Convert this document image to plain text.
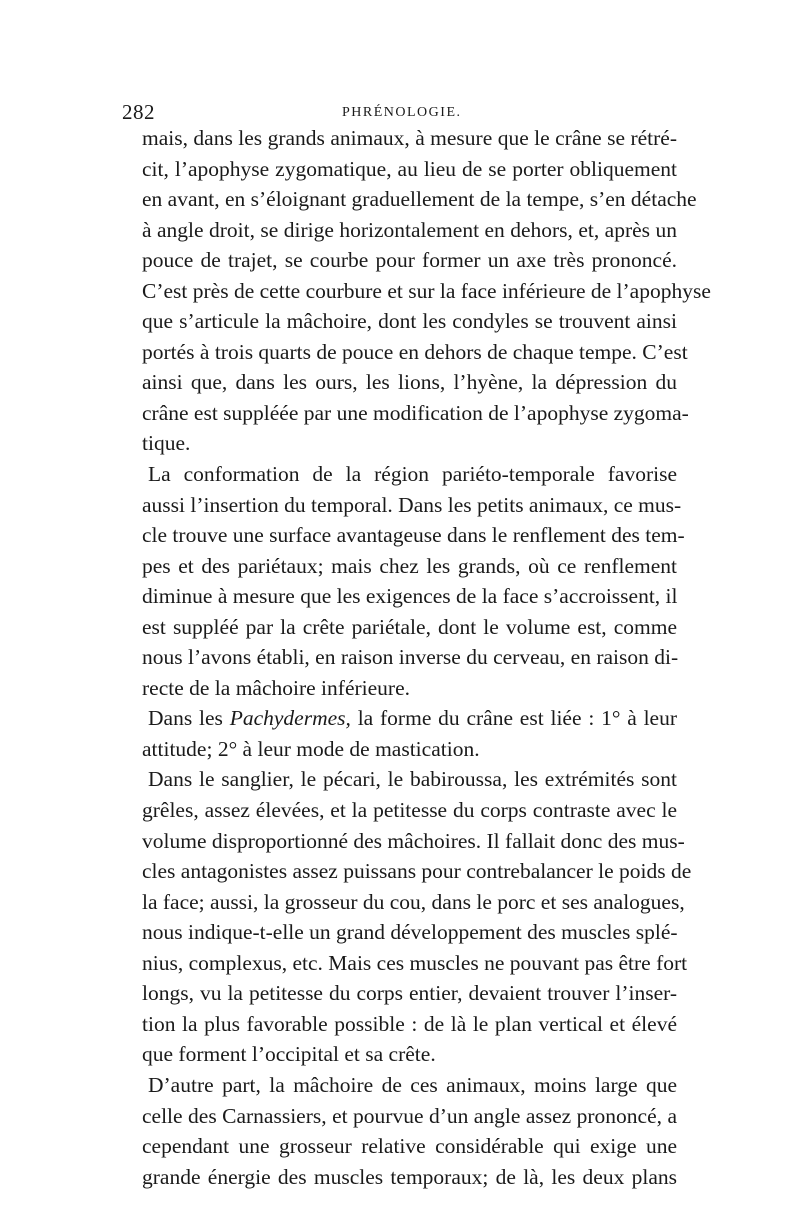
282	PHRÉNOLOGIE.
mais, dans les grands animaux, à mesure que le crâne se rétré-
cit, l’apophyse zygomatique, au lieu de se porter obliquement
en avant, en s’éloignant graduellement de la tempe, s’en détache
à angle droit, se dirige horizontalement en dehors, et, après un
pouce de trajet, se courbe pour former un axe très prononcé.
C’est près de cette courbure et sur la face inférieure de l’apophyse
que s’articule la mâchoire, dont les condyles se trouvent ainsi
portés à trois quarts de pouce en dehors de chaque tempe. C’est
ainsi que, dans les ours, les lions, l’hyène, la dépression du
crâne est suppléée par une modification de l’apophyse zygoma-
tique.
La conformation de la région pariéto-temporale favorise
aussi l’insertion du temporal. Dans les petits animaux, ce mus-
cle trouve une surface avantageuse dans le renflement des tem-
pes et des pariétaux; mais chez les grands, où ce renflement
diminue à mesure que les exigences de la face s’accroissent, il
est suppléé par la crête pariétale, dont le volume est, comme
nous l’avons établi, en raison inverse du cerveau, en raison di-
recte de la mâchoire inférieure.
Dans les Pachydermes, la forme du crâne est liée : 1° à leur
attitude; 2° à leur mode de mastication.
Dans le sanglier, le pécari, le babiroussa, les extrémités sont
grêles, assez élevées, et la petitesse du corps contraste avec le
volume disproportionné des mâchoires. Il fallait donc des mus-
cles antagonistes assez puissans pour contrebalancer le poids de
la face; aussi, la grosseur du cou, dans le porc et ses analogues,
nous indique-t-elle un grand développement des muscles splé-
nius, complexus, etc. Mais ces muscles ne pouvant pas être fort
longs, vu la petitesse du corps entier, devaient trouver l’inser-
tion la plus favorable possible : de là le plan vertical et élevé
que forment l’occipital et sa crête.
D’autre part, la mâchoire de ces animaux, moins large que
celle des Carnassiers, et pourvue d’un angle assez prononcé, a
cependant une grosseur relative considérable qui exige une
grande énergie des muscles temporaux; de là, les deux plans
